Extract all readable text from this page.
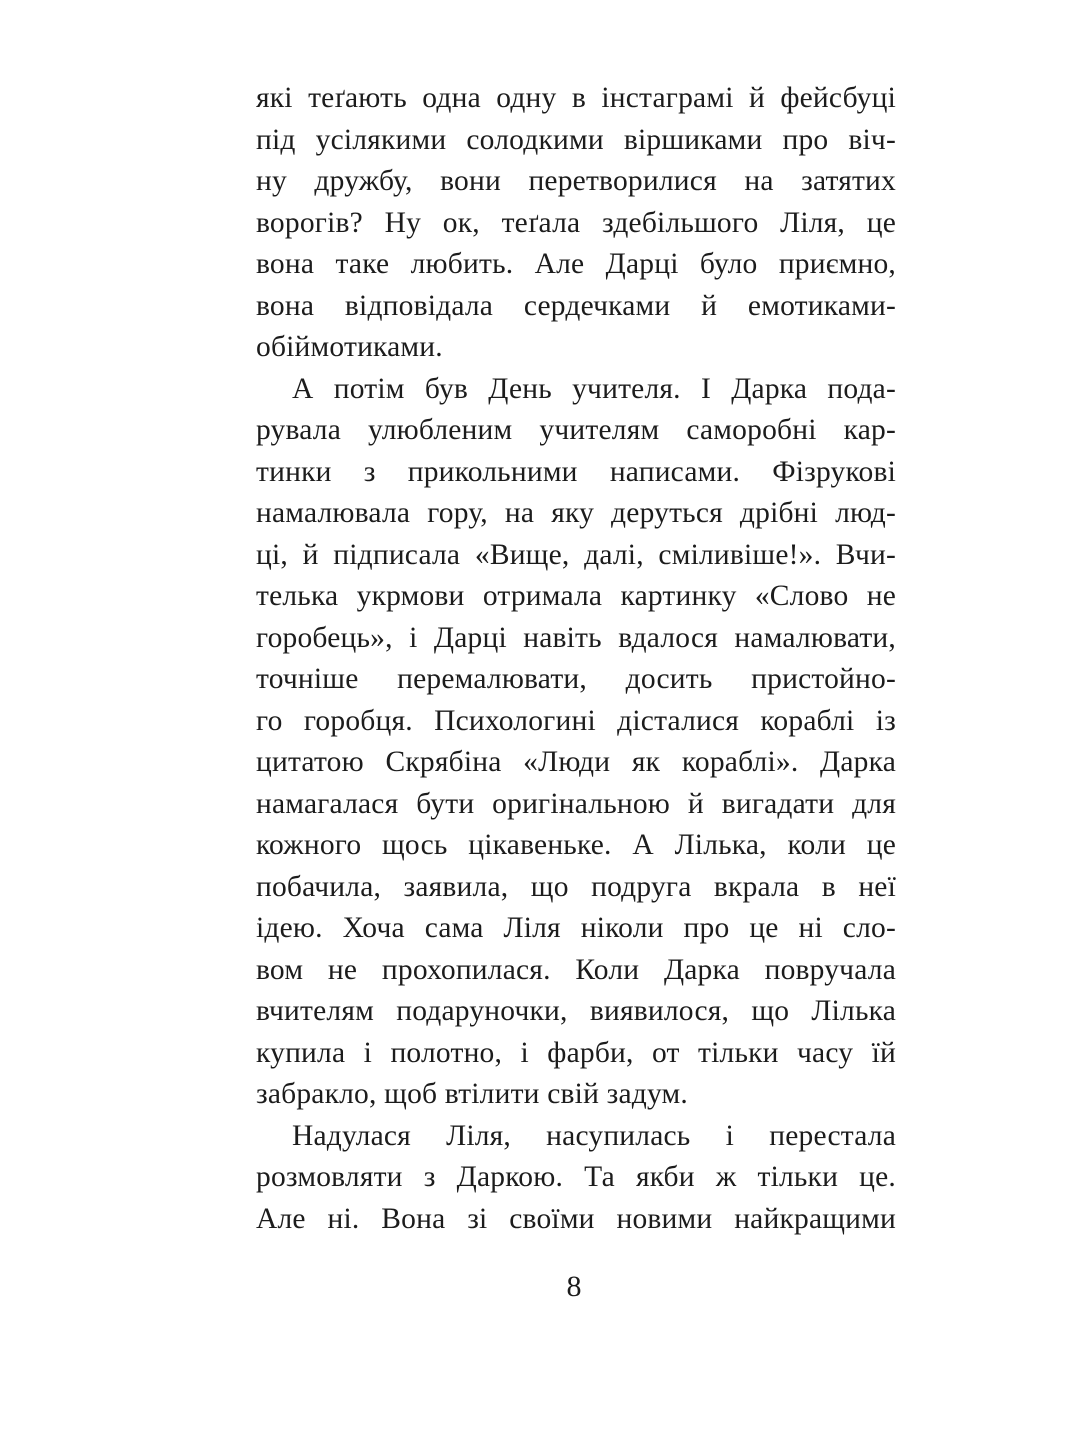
які теґають одна одну в інстаграмі й фейсбуці
під усілякими солодкими віршиками про віч-
ну дружбу, вони перетворилися на затятих
ворогів? Ну ок, теґала здебільшого Ліля, це
вона таке любить. Але Дарці було приємно,
вона відповідала сердечками й емотиками-
обіймотиками.
А потім був День учителя. І Дарка пода-
рувала улюбленим учителям саморобні кар-
тинки з прикольними написами. Фізрукові
намалювала гору, на яку деруться дрібні люд-
ці, й підписала «Вище, далі, сміливіше!». Вчи-
телька укрмови отримала картинку «Слово не
горобець», і Дарці навіть вдалося намалювати,
точніше перемалювати, досить пристойно-
го горобця. Психологині дісталися кораблі із
цитатою Скрябіна «Люди як кораблі». Дарка
намагалася бути оригінальною й вигадати для
кожного щось цікавеньке. А Лілька, коли це
побачила, заявила, що подруга вкрала в неї
ідею. Хоча сама Ліля ніколи про це ні сло-
вом не прохопилася. Коли Дарка повручала
вчителям подаруночки, виявилося, що Лілька
купила і полотно, і фарби, от тільки часу їй
забракло, щоб втілити свій задум.
Надулася Ліля, насупилась і перестала
розмовляти з Даркою. Та якби ж тільки це.
Але ні. Вона зі своїми новими найкращими
8
